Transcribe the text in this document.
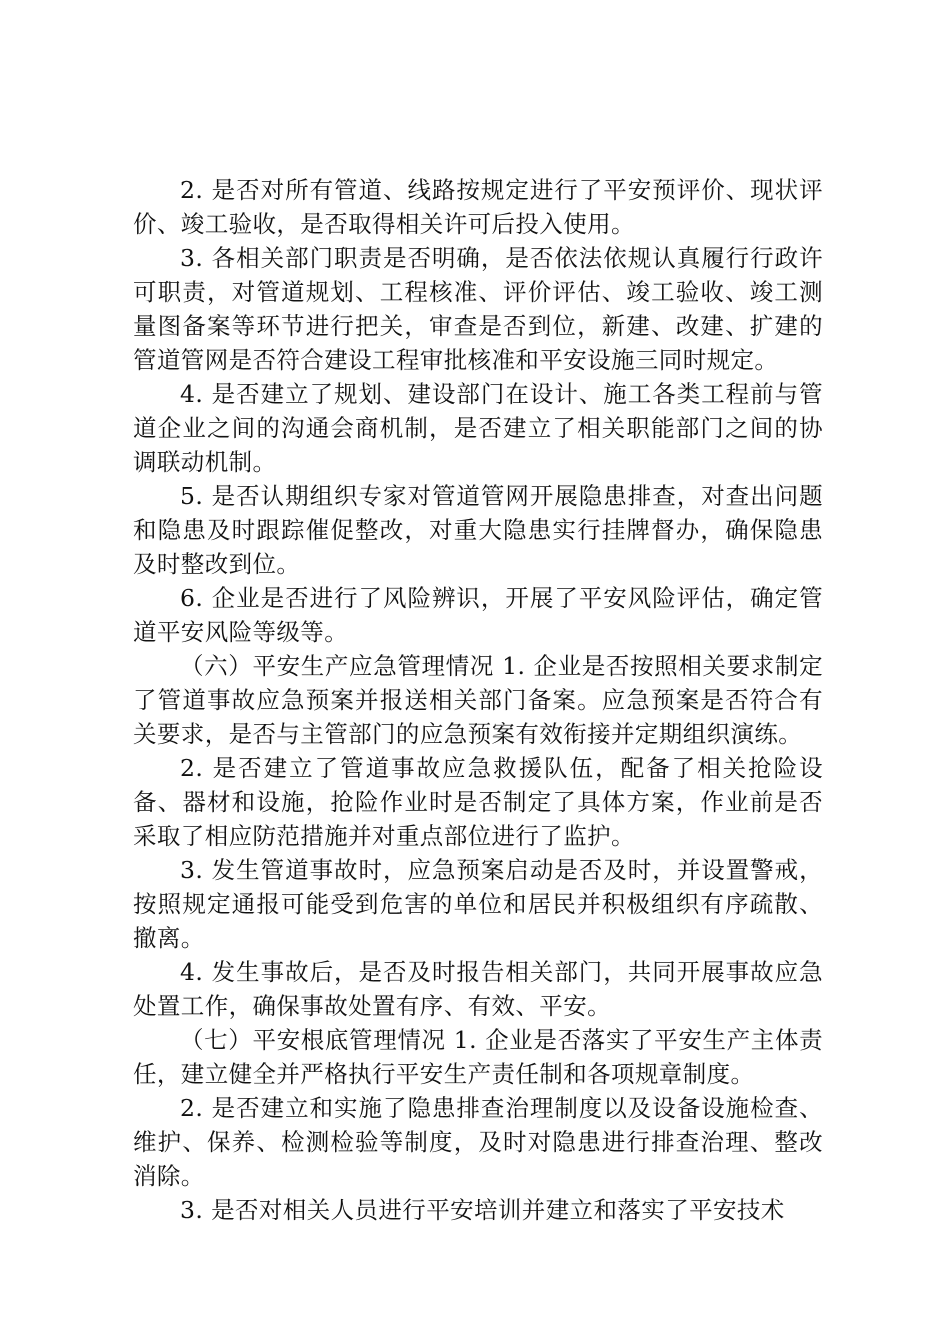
2. 是否对所有管道、线路按规定进行了平安预评价、现状评价、竣工验收，是否取得相关许可后投入使用。

3. 各相关部门职责是否明确，是否依法依规认真履行行政许可职责，对管道规划、工程核准、评价评估、竣工验收、竣工测量图备案等环节进行把关，审查是否到位，新建、改建、扩建的管道管网是否符合建设工程审批核准和平安设施三同时规定。

4. 是否建立了规划、建设部门在设计、施工各类工程前与管道企业之间的沟通会商机制，是否建立了相关职能部门之间的协调联动机制。

5. 是否认期组织专家对管道管网开展隐患排查，对查出问题和隐患及时跟踪催促整改，对重大隐患实行挂牌督办，确保隐患及时整改到位。

6. 企业是否进行了风险辨识，开展了平安风险评估，确定管道平安风险等级等。

（六）平安生产应急管理情况 1. 企业是否按照相关要求制定了管道事故应急预案并报送相关部门备案。应急预案是否符合有关要求，是否与主管部门的应急预案有效衔接并定期组织演练。

2. 是否建立了管道事故应急救援队伍，配备了相关抢险设备、器材和设施，抢险作业时是否制定了具体方案，作业前是否采取了相应防范措施并对重点部位进行了监护。

3. 发生管道事故时，应急预案启动是否及时，并设置警戒，按照规定通报可能受到危害的单位和居民并积极组织有序疏散、撤离。

4. 发生事故后，是否及时报告相关部门，共同开展事故应急处置工作，确保事故处置有序、有效、平安。

（七）平安根底管理情况 1. 企业是否落实了平安生产主体责任，建立健全并严格执行平安生产责任制和各项规章制度。

2. 是否建立和实施了隐患排查治理制度以及设备设施检查、维护、保养、检测检验等制度，及时对隐患进行排查治理、整改消除。

3. 是否对相关人员进行平安培训并建立和落实了平安技术
